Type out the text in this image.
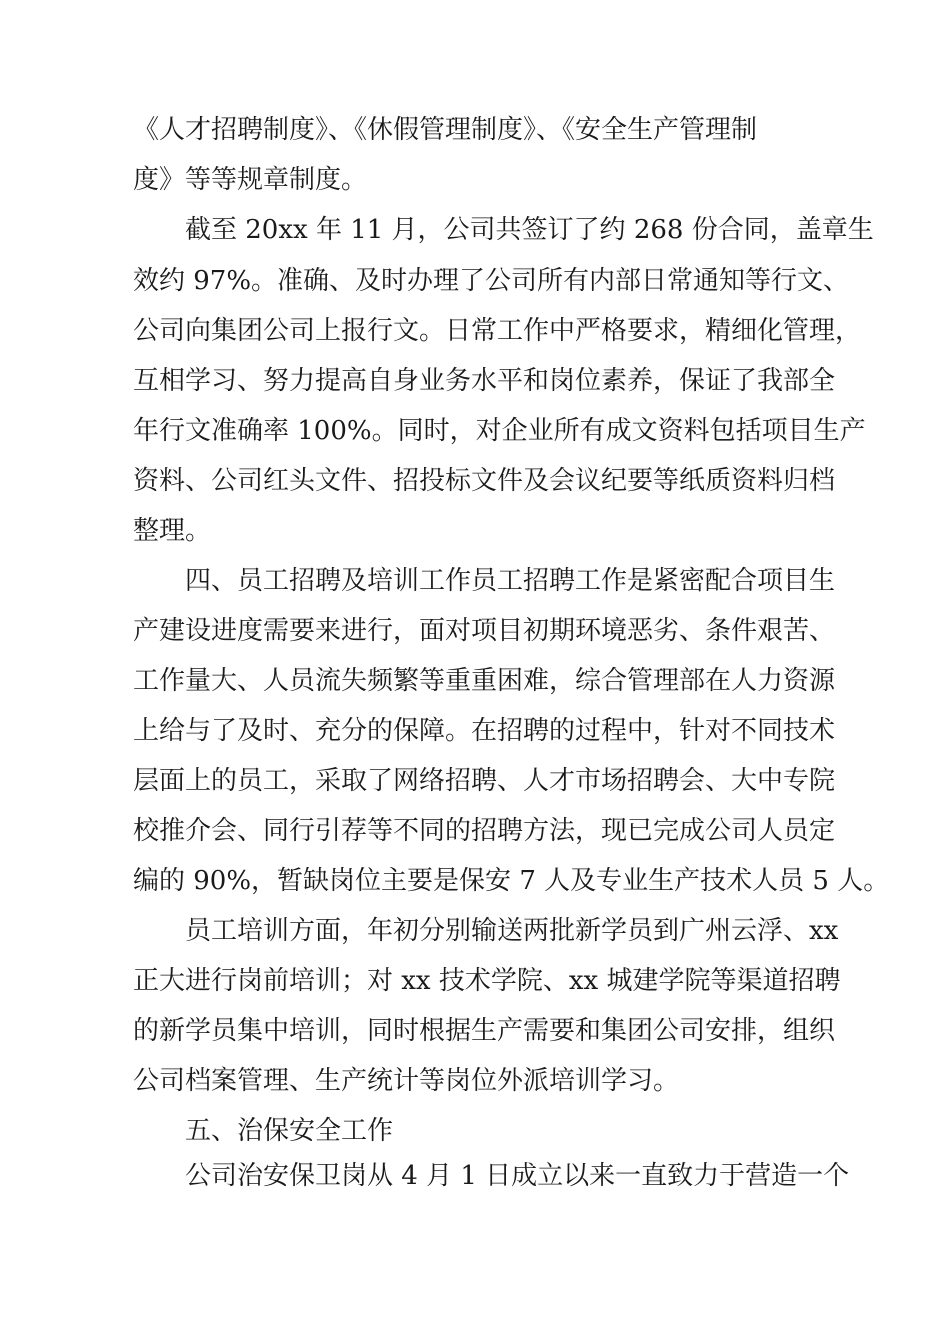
《人才招聘制度》、《休假管理制度》、《安全生产管理制
度》等等规章制度。
截至 20xx 年 11 月，公司共签订了约 268 份合同，盖章生
效约 97%。准确、及时办理了公司所有内部日常通知等行文、
公司向集团公司上报行文。日常工作中严格要求，精细化管理，
互相学习、努力提高自身业务水平和岗位素养，保证了我部全
年行文准确率 100%。同时，对企业所有成文资料包括项目生产
资料、公司红头文件、招投标文件及会议纪要等纸质资料归档
整理。
四、员工招聘及培训工作员工招聘工作是紧密配合项目生
产建设进度需要来进行，面对项目初期环境恶劣、条件艰苦、
工作量大、人员流失频繁等重重困难，综合管理部在人力资源
上给与了及时、充分的保障。在招聘的过程中，针对不同技术
层面上的员工，采取了网络招聘、人才市场招聘会、大中专院
校推介会、同行引荐等不同的招聘方法，现已完成公司人员定
编的 90%，暂缺岗位主要是保安 7 人及专业生产技术人员 5 人。
员工培训方面，年初分别输送两批新学员到广州云浮、xx
正大进行岗前培训；对 xx 技术学院、xx 城建学院等渠道招聘
的新学员集中培训，同时根据生产需要和集团公司安排，组织
公司档案管理、生产统计等岗位外派培训学习。
五、治保安全工作
公司治安保卫岗从 4 月 1 日成立以来一直致力于营造一个
